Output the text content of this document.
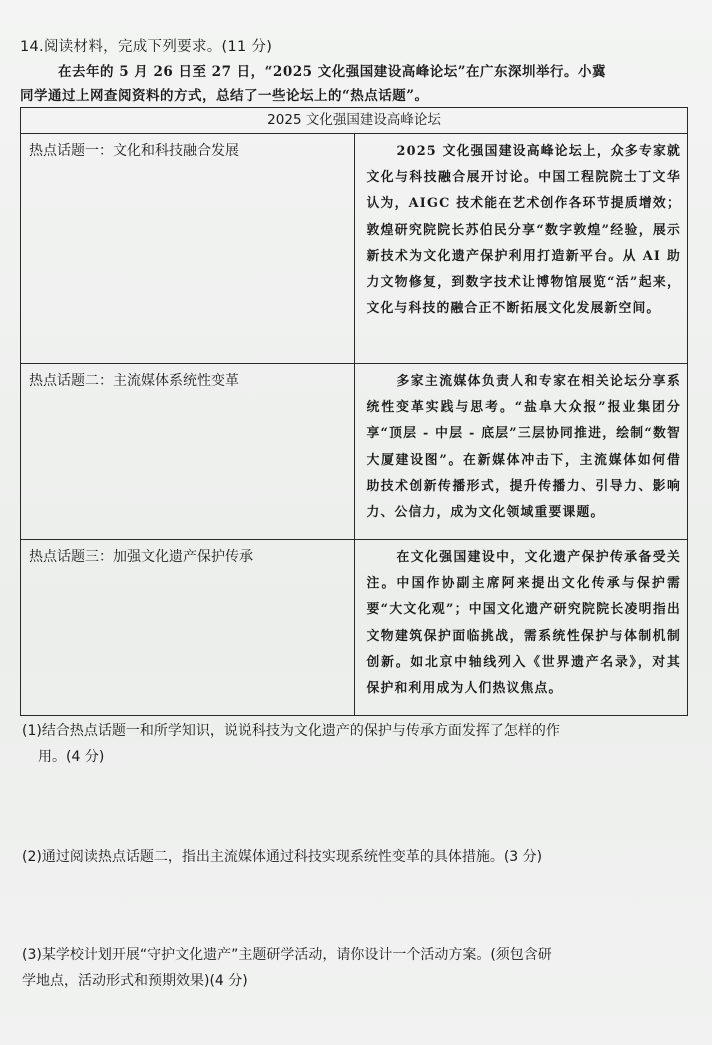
14.阅读材料，完成下列要求。(11 分)
在去年的 5 月 26 日至 27 日，“2025 文化强国建设高峰论坛”在广东深圳举行。小冀
同学通过上网查阅资料的方式，总结了一些论坛上的“热点话题”。
2025 文化强国建设高峰论坛	
热点话题一：文化和科技融合发展	2025 文化强国建设高峰论坛上，众多专家就文化与科技融合展开讨论。中国工程院院士丁文华认为，AIGC 技术能在艺术创作各环节提质增效；敦煌研究院院长苏伯民分享“数字敦煌”经验，展示新技术为文化遗产保护利用打造新平台。从 AI 助力文物修复，到数字技术让博物馆展览“活”起来，文化与科技的融合正不断拓展文化发展新空间。
热点话题二：主流媒体系统性变革	多家主流媒体负责人和专家在相关论坛分享系统性变革实践与思考。“盐阜大众报”报业集团分享“顶层 - 中层 - 底层”三层协同推进，绘制“数智大厦建设图”。在新媒体冲击下，主流媒体如何借助技术创新传播形式，提升传播力、引导力、影响力、公信力，成为文化领域重要课题。
热点话题三：加强文化遗产保护传承	在文化强国建设中，文化遗产保护传承备受关注。中国作协副主席阿来提出文化传承与保护需要“大文化观”；中国文化遗产研究院院长凌明指出文物建筑保护面临挑战，需系统性保护与体制机制创新。如北京中轴线列入《世界遗产名录》，对其保护和利用成为人们热议焦点。
(1)结合热点话题一和所学知识，说说科技为文化遗产的保护与传承方面发挥了怎样的作
用。(4 分)
(2)通过阅读热点话题二，指出主流媒体通过科技实现系统性变革的具体措施。(3 分)
(3)某学校计划开展“守护文化遗产”主题研学活动，请你设计一个活动方案。(须包含研
学地点，活动形式和预期效果)(4 分)
